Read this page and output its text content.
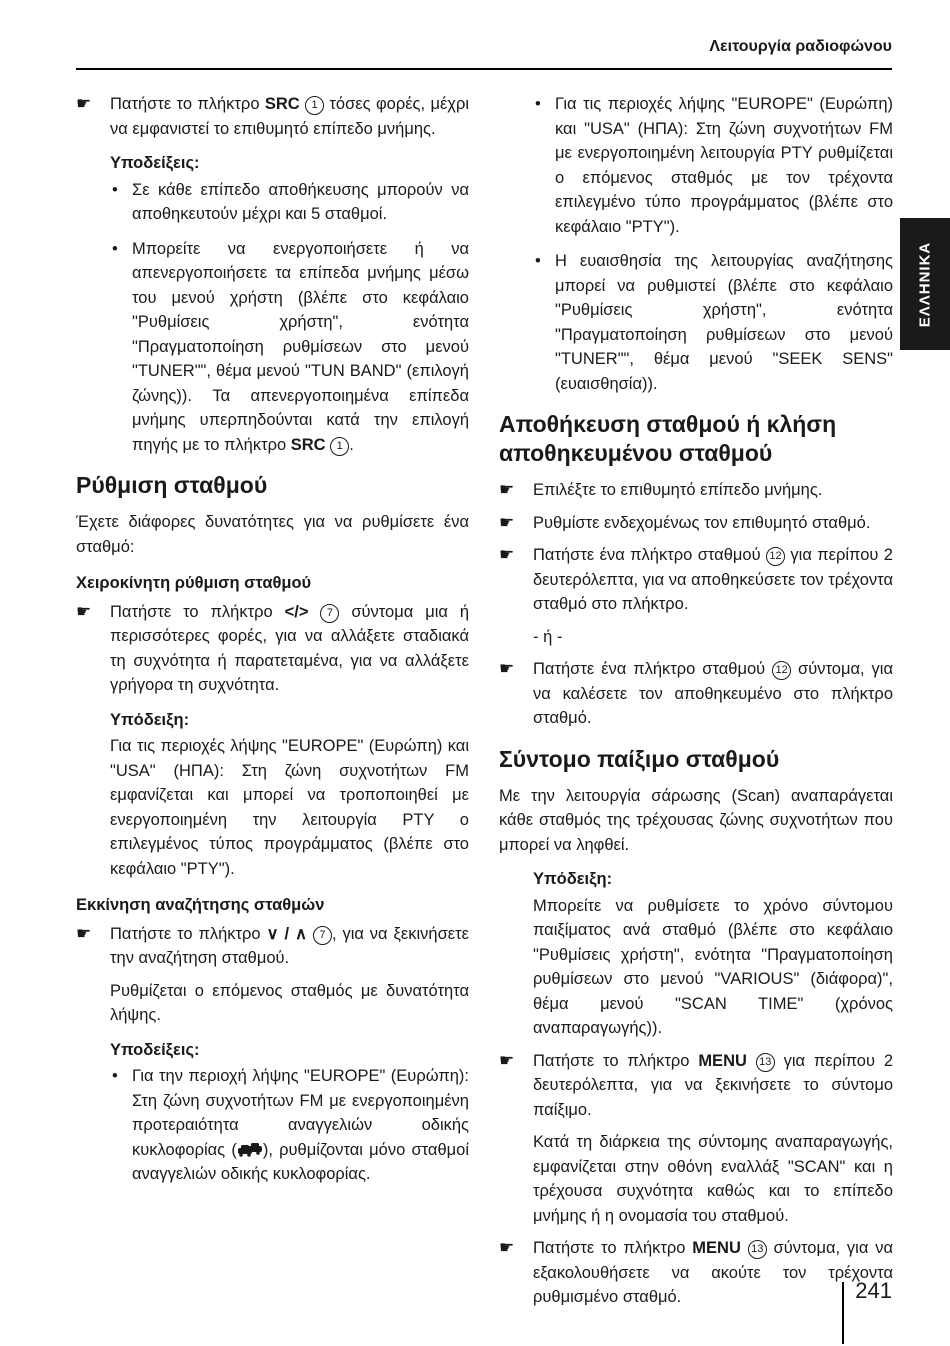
Λειτουργία ραδιοφώνου
ΕΛΛΗΝΙΚΑ
☛ Πατήστε το πλήκτρο SRC 1 τόσες φορές, μέχρι να εμφανιστεί το επιθυμητό επίπεδο μνήμης.
Υποδείξεις:
• Σε κάθε επίπεδο αποθήκευσης μπορούν να αποθηκευτούν μέχρι και 5 σταθμοί.
• Μπορείτε να ενεργοποιήσετε ή να απενεργοποιήσετε τα επίπεδα μνήμης μέσω του μενού χρήστη (βλέπε στο κεφάλαιο "Ρυθμίσεις χρήστη", ενότητα "Πραγματοποίηση ρυθμίσεων στο μενού "TUNER"", θέμα μενού "TUN BAND" (επιλογή ζώνης)). Τα απενεργοποιημένα επίπεδα μνήμης υπερπηδούνται κατά την επιλογή πηγής με το πλήκτρο SRC 1 .
Ρύθμιση σταθμού

Έχετε διάφορες δυνατότητες για να ρυθμίσετε ένα σταθμό:

Χειροκίνητη ρύθμιση σταθμού
☛ Πατήστε το πλήκτρο </> 7 σύντομα μια ή περισσότερες φορές, για να αλλάξετε σταδιακά τη συχνότητα ή παρατεταμένα, για να αλλάξετε γρήγορα τη συχνότητα.
Υπόδειξη:

Για τις περιοχές λήψης "EUROPE" (Ευρώπη) και "USA" (ΗΠΑ): Στη ζώνη συχνοτήτων FM εμφανίζεται και μπορεί να τροποποιηθεί με ενεργοποιημένη την λειτουργία PTY ο επιλεγμένος τύπος προγράμματος (βλέπε στο κεφάλαιο "PTY").

Εκκίνηση αναζήτησης σταθμών
☛ Πατήστε το πλήκτρο ∨ / ∧ 7 , για να ξεκινήσετε την αναζήτηση σταθμού.

Ρυθμίζεται ο επόμενος σταθμός με δυνατότητα λήψης.

Υποδείξεις:
• Για την περιοχή λήψης "EUROPE" (Ευρώπη): Στη ζώνη συχνοτήτων FM με ενεργοποιημένη προτεραιότητα αναγγελιών οδικής κυκλοφορίας ( ), ρυθμίζονται μόνο σταθμοί αναγγελιών οδικής κυκλοφορίας.
• Για τις περιοχές λήψης "EUROPE" (Ευρώπη) και "USA" (ΗΠΑ): Στη ζώνη συχνοτήτων FM με ενεργοποιημένη λειτουργία PTY ρυθμίζεται ο επόμενος σταθμός με τον τρέχοντα επιλεγμένο τύπο προγράμματος (βλέπε στο κεφάλαιο "PTY").
• Η ευαισθησία της λειτουργίας αναζήτησης μπορεί να ρυθμιστεί (βλέπε στο κεφάλαιο "Ρυθμίσεις χρήστη", ενότητα "Πραγματοποίηση ρυθμίσεων στο μενού "TUNER"", θέμα μενού "SEEK SENS" (ευαισθησία)).
Αποθήκευση σταθμού ή κλήση αποθηκευμένου σταθμού
☛ Επιλέξτε το επιθυμητό επίπεδο μνήμης.
☛ Ρυθμίστε ενδεχομένως τον επιθυμητό σταθμό.
☛ Πατήστε ένα πλήκτρο σταθμού 12 για περίπου 2 δευτερόλεπτα, για να αποθηκεύσετε τον τρέχοντα σταθμό στο πλήκτρο.

- ή -

☛ Πατήστε ένα πλήκτρο σταθμού 12 σύντομα, για να καλέσετε τον αποθηκευμένο στο πλήκτρο σταθμό.
Σύντομο παίξιμο σταθμού

Με την λειτουργία σάρωσης (Scan) αναπαράγεται κάθε σταθμός της τρέχουσας ζώνης συχνοτήτων που μπορεί να ληφθεί.

Υπόδειξη:

Μπορείτε να ρυθμίσετε το χρόνο σύντομου παιξίματος ανά σταθμό (βλέπε στο κεφάλαιο "Ρυθμίσεις χρήστη", ενότητα "Πραγματοποίηση ρυθμίσεων στο μενού "VARIOUS" (διάφορα)", θέμα μενού "SCAN TIME" (χρόνος αναπαραγωγής)).

☛ Πατήστε το πλήκτρο MENU 13 για περίπου 2 δευτερόλεπτα, για να ξεκινήσετε το σύντομο παίξιμο.

Κατά τη διάρκεια της σύντομης αναπαραγωγής, εμφανίζεται στην οθόνη εναλλάξ "SCAN" και η τρέχουσα συχνότητα καθώς και το επίπεδο μνήμης ή η ονομασία του σταθμού.

☛ Πατήστε το πλήκτρο MENU 13 σύντομα, για να εξακολουθήσετε να ακούτε τον τρέχοντα ρυθμισμένο σταθμό.	241
